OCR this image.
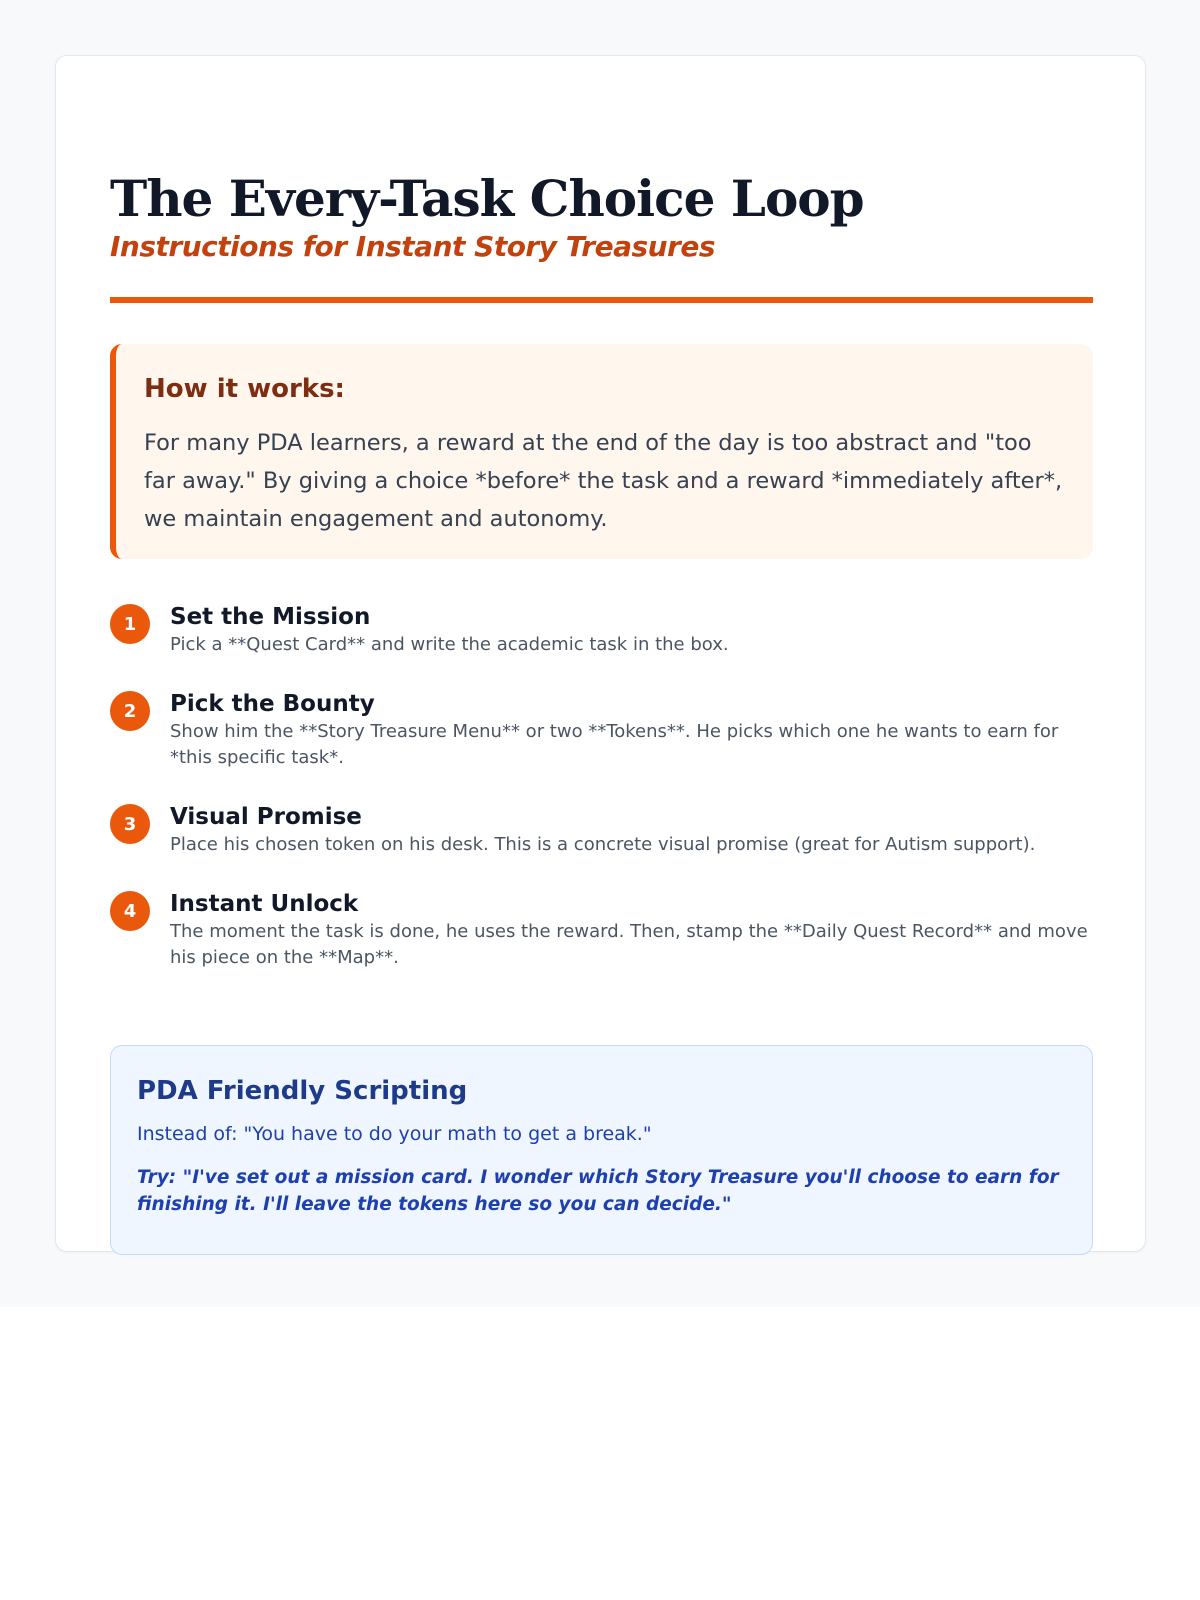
The Every-Task Choice Loop
Instructions for Instant Story Treasures
How it works:
For many PDA learners, a reward at the end of the day is too abstract and "too far away." By giving a choice *before* the task and a reward *immediately after*, we maintain engagement and autonomy.
1	Set the Mission
Pick a **Quest Card** and write the academic task in the box.
2	Pick the Bounty
Show him the **Story Treasure Menu** or two **Tokens**. He picks which one he wants to earn for *this specific task*.
3	Visual Promise
Place his chosen token on his desk. This is a concrete visual promise (great for Autism support).
4	Instant Unlock
The moment the task is done, he uses the reward. Then, stamp the **Daily Quest Record** and move his piece on the **Map**.
PDA Friendly Scripting
Instead of: "You have to do your math to get a break."
Try: "I've set out a mission card. I wonder which Story Treasure you'll choose to earn for finishing it. I'll leave the tokens here so you can decide."
